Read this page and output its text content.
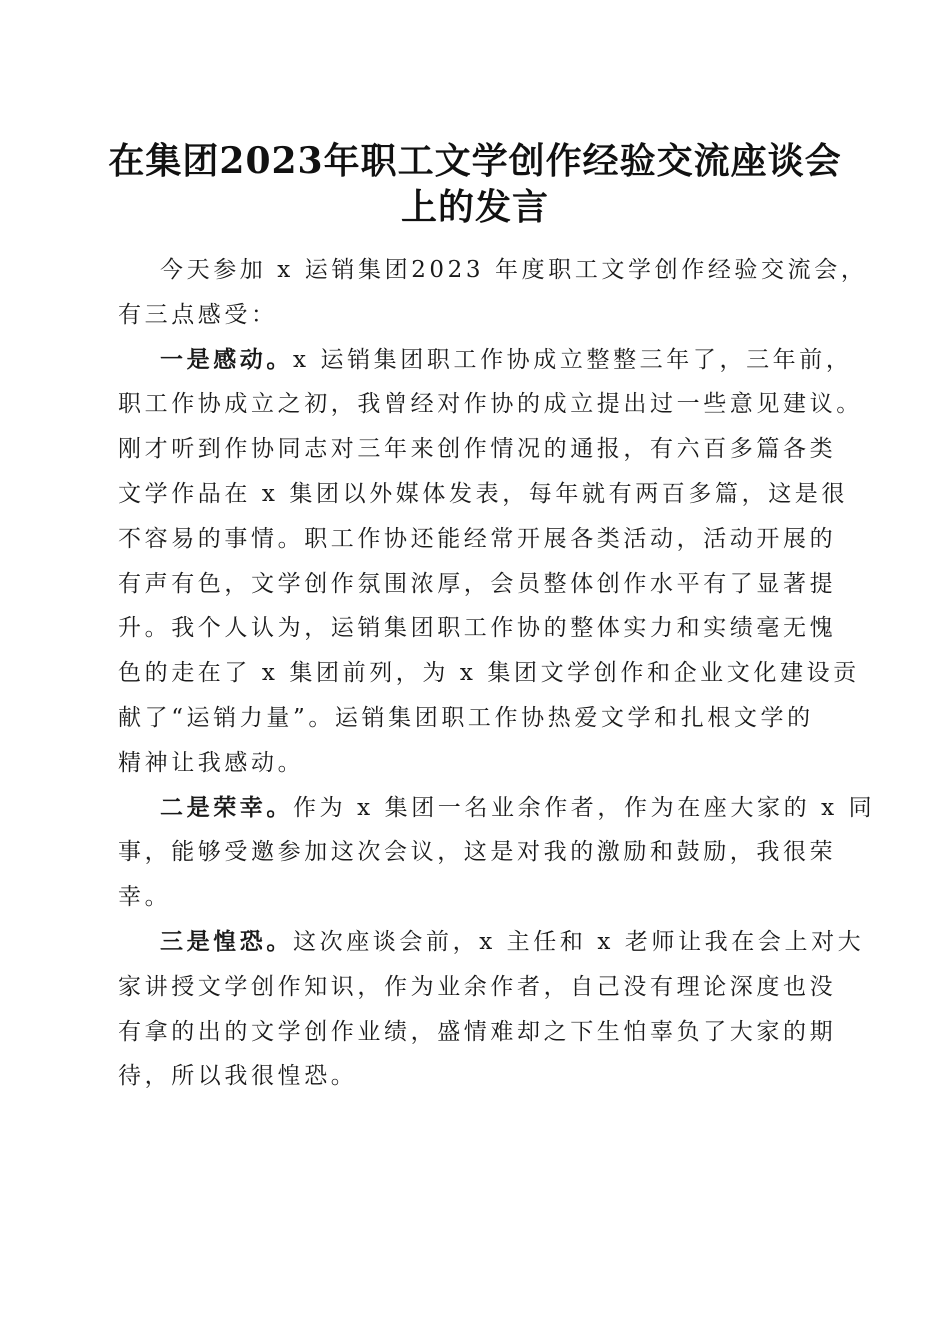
在集团2023年职工文学创作经验交流座谈会
上的发言
今天参加 x 运销集团2023 年度职工文学创作经验交流会，
有三点感受：
一是感动。x 运销集团职工作协成立整整三年了，三年前，
职工作协成立之初，我曾经对作协的成立提出过一些意见建议。
刚才听到作协同志对三年来创作情况的通报，有六百多篇各类
文学作品在 x 集团以外媒体发表，每年就有两百多篇，这是很
不容易的事情。职工作协还能经常开展各类活动，活动开展的
有声有色，文学创作氛围浓厚，会员整体创作水平有了显著提
升。我个人认为，运销集团职工作协的整体实力和实绩毫无愧
色的走在了 x 集团前列，为 x 集团文学创作和企业文化建设贡
献了“运销力量”。运销集团职工作协热爱文学和扎根文学的
精神让我感动。
二是荣幸。作为 x 集团一名业余作者，作为在座大家的 x 同
事，能够受邀参加这次会议，这是对我的激励和鼓励，我很荣
幸。
三是惶恐。这次座谈会前，x 主任和 x 老师让我在会上对大
家讲授文学创作知识，作为业余作者，自己没有理论深度也没
有拿的出的文学创作业绩，盛情难却之下生怕辜负了大家的期
待，所以我很惶恐。
